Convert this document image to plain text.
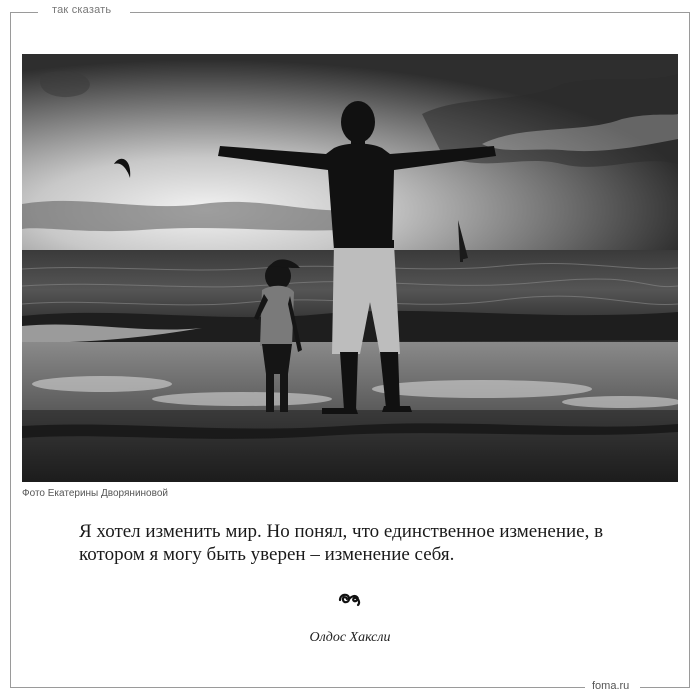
так сказать
Фото Екатерины Дворяниновой
Я хотел изменить мир. Но понял, что единственное изменение, в котором я могу быть уверен – изменение себя.
Олдос Хаксли
foma.ru
